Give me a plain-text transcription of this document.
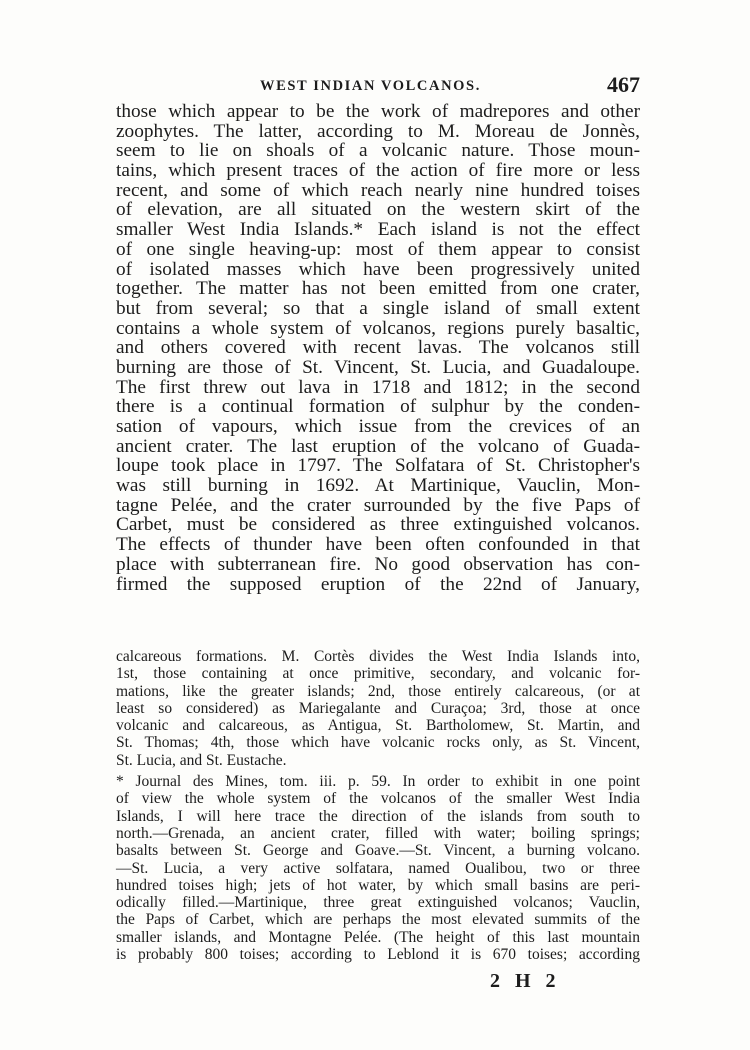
WEST INDIAN VOLCANOS.	467
those which appear to be the work of madrepores and other
zoophytes. The latter, according to M. Moreau de Jonnès,
seem to lie on shoals of a volcanic nature. Those moun-
tains, which present traces of the action of fire more or less
recent, and some of which reach nearly nine hundred toises
of elevation, are all situated on the western skirt of the
smaller West India Islands.* Each island is not the effect
of one single heaving-up: most of them appear to consist
of isolated masses which have been progressively united
together. The matter has not been emitted from one crater,
but from several; so that a single island of small extent
contains a whole system of volcanos, regions purely basaltic,
and others covered with recent lavas. The volcanos still
burning are those of St. Vincent, St. Lucia, and Guadaloupe.
The first threw out lava in 1718 and 1812; in the second
there is a continual formation of sulphur by the conden-
sation of vapours, which issue from the crevices of an
ancient crater. The last eruption of the volcano of Guada-
loupe took place in 1797. The Solfatara of St. Christopher's
was still burning in 1692. At Martinique, Vauclin, Mon-
tagne Pelée, and the crater surrounded by the five Paps of
Carbet, must be considered as three extinguished volcanos.
The effects of thunder have been often confounded in that
place with subterranean fire. No good observation has con-
firmed the supposed eruption of the 22nd of January,
calcareous formations. M. Cortès divides the West India Islands into,
1st, those containing at once primitive, secondary, and volcanic for-
mations, like the greater islands; 2nd, those entirely calcareous, (or at
least so considered) as Mariegalante and Curaçoa; 3rd, those at once
volcanic and calcareous, as Antigua, St. Bartholomew, St. Martin, and
St. Thomas; 4th, those which have volcanic rocks only, as St. Vincent,
St. Lucia, and St. Eustache.
* Journal des Mines, tom. iii. p. 59. In order to exhibit in one point
of view the whole system of the volcanos of the smaller West India
Islands, I will here trace the direction of the islands from south to
north.—Grenada, an ancient crater, filled with water; boiling springs;
basalts between St. George and Goave.—St. Vincent, a burning volcano.
—St. Lucia, a very active solfatara, named Oualibou, two or three
hundred toises high; jets of hot water, by which small basins are peri-
odically filled.—Martinique, three great extinguished volcanos; Vauclin,
the Paps of Carbet, which are perhaps the most elevated summits of the
smaller islands, and Montagne Pelée. (The height of this last mountain
is probably 800 toises; according to Leblond it is 670 toises; according
2 H 2
